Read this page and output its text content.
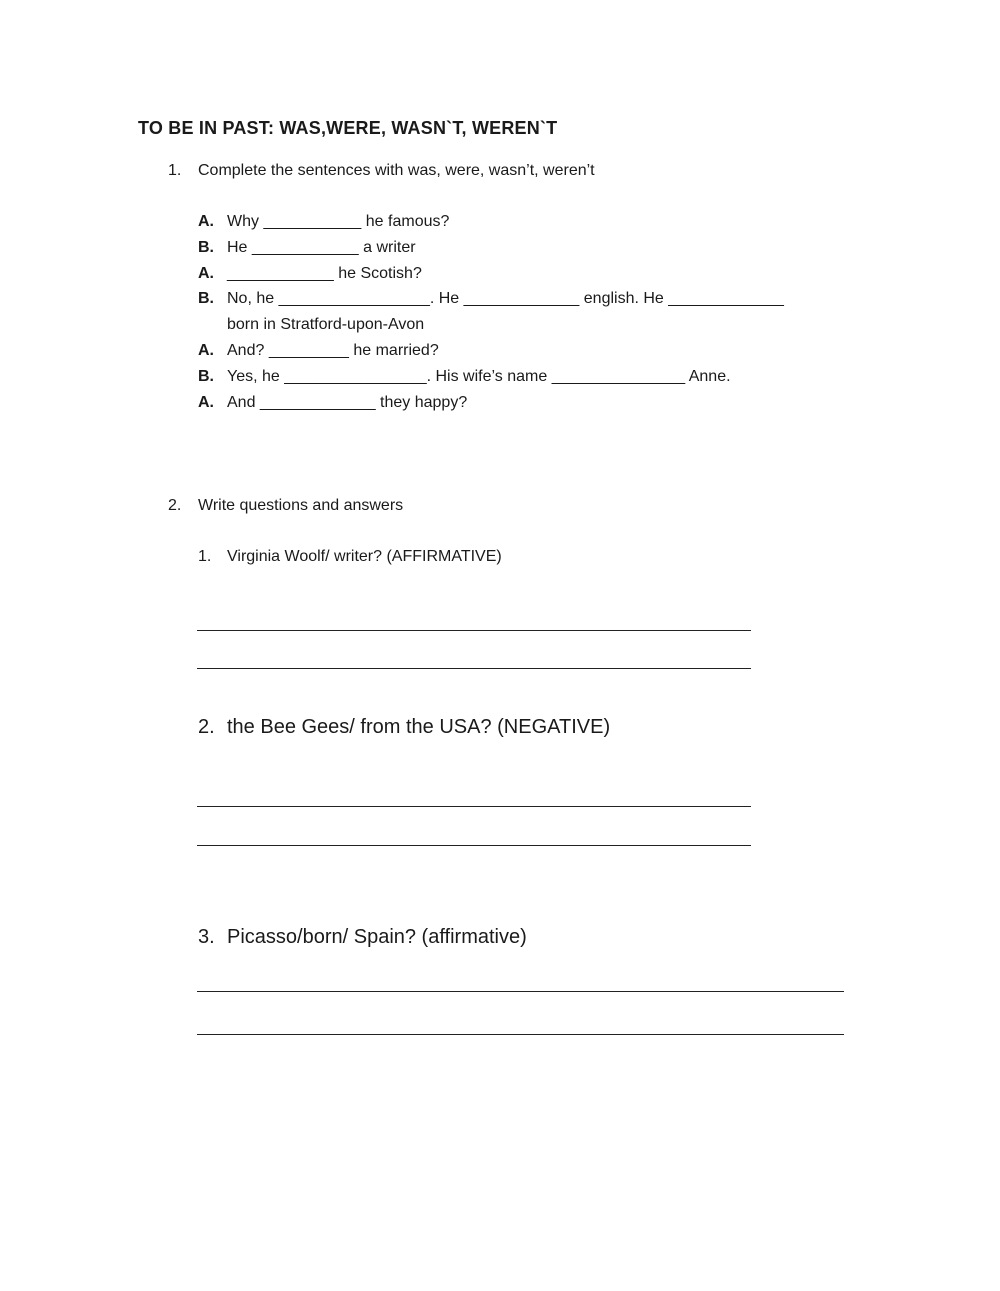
TO BE IN PAST: WAS,WERE, WASN`T, WEREN`T
1. Complete the sentences with was, were, wasn’t, weren’t
A. Why ___________ he famous?
B. He ____________ a writer
A. ____________ he Scotish?
B. No, he _________________. He _____________ english. He _____________
born in Stratford-upon-Avon
A. And? _________ he married?
B. Yes, he ________________. His wife’s name _______________ Anne.
A. And _____________ they happy?
2. Write questions and answers
1. Virginia Woolf/ writer? (AFFIRMATIVE)
2. the Bee Gees/ from the USA? (NEGATIVE)
3. Picasso/born/ Spain? (affirmative)
